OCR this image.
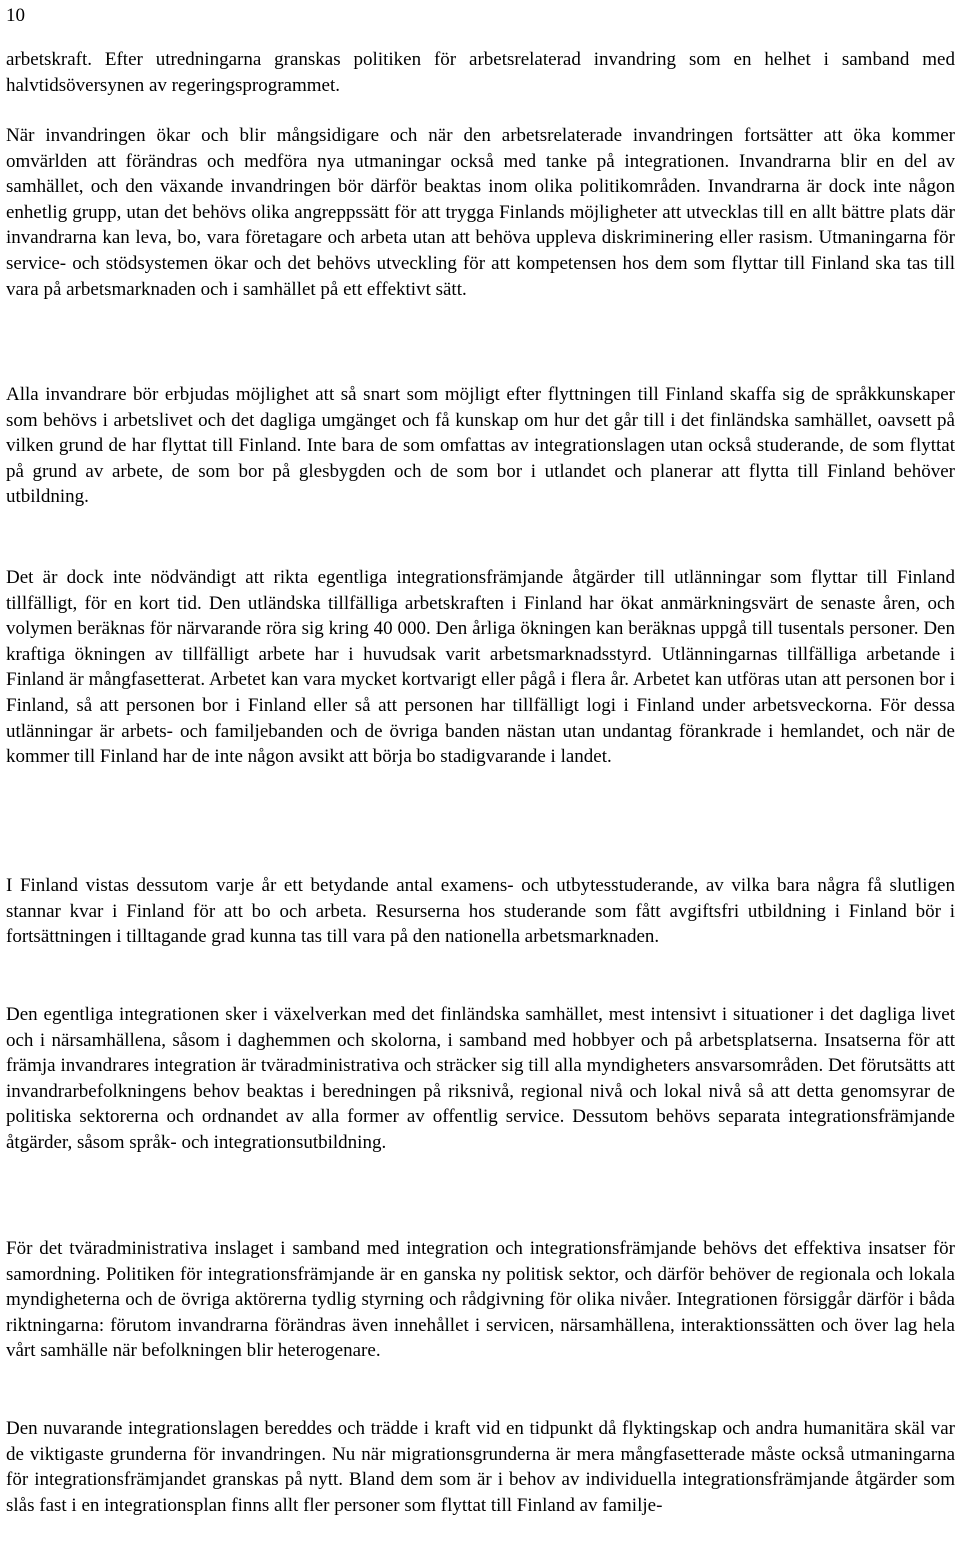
10

arbetskraft. Efter utredningarna granskas politiken för arbetsrelaterad invandring som en helhet i samband med halvtidsöversynen av regeringsprogrammet.

När invandringen ökar och blir mångsidigare och när den arbetsrelaterade invandringen fortsätter att öka kommer omvärlden att förändras och medföra nya utmaningar också med tanke på integrationen. Invandrarna blir en del av samhället, och den växande invandringen bör därför beaktas inom olika politikområden. Invandrarna är dock inte någon enhetlig grupp, utan det behövs olika angreppssätt för att trygga Finlands möjligheter att utvecklas till en allt bättre plats där invandrarna kan leva, bo, vara företagare och arbeta utan att behöva uppleva diskriminering eller rasism. Utmaningarna för service- och stödsystemen ökar och det behövs utveckling för att kompetensen hos dem som flyttar till Finland ska tas till vara på arbetsmarknaden och i samhället på ett effektivt sätt.

Alla invandrare bör erbjudas möjlighet att så snart som möjligt efter flyttningen till Finland skaffa sig de språkkunskaper som behövs i arbetslivet och det dagliga umgänget och få kunskap om hur det går till i det finländska samhället, oavsett på vilken grund de har flyttat till Finland. Inte bara de som omfattas av integrationslagen utan också studerande, de som flyttat på grund av arbete, de som bor på glesbygden och de som bor i utlandet och planerar att flytta till Finland behöver utbildning.

Det är dock inte nödvändigt att rikta egentliga integrationsfrämjande åtgärder till utlänningar som flyttar till Finland tillfälligt, för en kort tid. Den utländska tillfälliga arbetskraften i Finland har ökat anmärkningsvärt de senaste åren, och volymen beräknas för närvarande röra sig kring 40 000. Den årliga ökningen kan beräknas uppgå till tusentals personer. Den kraftiga ökningen av tillfälligt arbete har i huvudsak varit arbetsmarknadsstyrd. Utlänningarnas tillfälliga arbetande i Finland är mångfasetterat. Arbetet kan vara mycket kortvarigt eller pågå i flera år. Arbetet kan utföras utan att personen bor i Finland, så att personen bor i Finland eller så att personen har tillfälligt logi i Finland under arbetsveckorna. För dessa utlänningar är arbets- och familjebanden och de övriga banden nästan utan undantag förankrade i hemlandet, och när de kommer till Finland har de inte någon avsikt att börja bo stadigvarande i landet.

I Finland vistas dessutom varje år ett betydande antal examens- och utbytesstuderande, av vilka bara några få slutligen stannar kvar i Finland för att bo och arbeta. Resurserna hos studerande som fått avgiftsfri utbildning i Finland bör i fortsättningen i tilltagande grad kunna tas till vara på den nationella arbetsmarknaden.

Den egentliga integrationen sker i växelverkan med det finländska samhället, mest intensivt i situationer i det dagliga livet och i närsamhällena, såsom i daghemmen och skolorna, i samband med hobbyer och på arbetsplatserna. Insatserna för att främja invandrares integration är tväradministrativa och sträcker sig till alla myndigheters ansvarsområden. Det förutsätts att invandrarbefolkningens behov beaktas i beredningen på riksnivå, regional nivå och lokal nivå så att detta genomsyrar de politiska sektorerna och ordnandet av alla former av offentlig service. Dessutom behövs separata integrationsfrämjande åtgärder, såsom språk- och integrationsutbildning.

För det tväradministrativa inslaget i samband med integration och integrationsfrämjande behövs det effektiva insatser för samordning. Politiken för integrationsfrämjande är en ganska ny politisk sektor, och därför behöver de regionala och lokala myndigheterna och de övriga aktörerna tydlig styrning och rådgivning för olika nivåer. Integrationen försiggår därför i båda riktningarna: förutom invandrarna förändras även innehållet i servicen, närsamhällena, interaktionssätten och över lag hela vårt samhälle när befolkningen blir heterogenare.

Den nuvarande integrationslagen bereddes och trädde i kraft vid en tidpunkt då flyktingskap och andra humanitära skäl var de viktigaste grunderna för invandringen. Nu när migrationsgrunderna är mera mångfasetterade måste också utmaningarna för integrationsfrämjandet granskas på nytt. Bland dem som är i behov av individuella integrationsfrämjande åtgärder som slås fast i en integrationsplan finns allt fler personer som flyttat till Finland av familje-
